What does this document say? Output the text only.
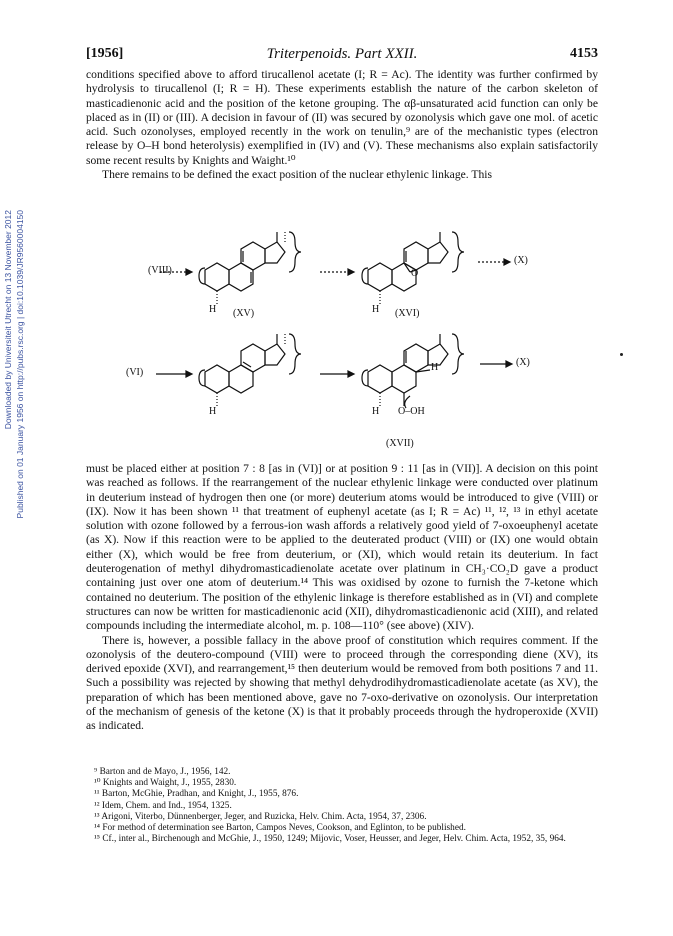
[1956]	Triterpenoids. Part XXII.	4153
Downloaded by Universiteit Utrecht on 13 November 2012 Published on 01 January 1956 on http://pubs.rsc.org | doi:10.1039/JR9560004150

conditions specified above to afford tirucallenol acetate (I; R = Ac). The identity was further confirmed by hydrolysis to tirucallenol (I; R = H). These experiments establish the nature of the carbon skeleton of masticadienonic acid and the position of the ketone grouping. The αβ-unsaturated acid function can only be placed as in (II) or (III). A decision in favour of (II) was secured by ozonolysis which gave one mol. of acetic acid. Such ozonolyses, employed recently in the work on tenulin,⁹ are of the mechanistic types (electron release by O–H bond heterolysis) exemplified in (IV) and (V). These mechanisms also explain satisfactorily some recent results by Knights and Waight.¹⁰

There remains to be defined the exact position of the nuclear ethylenic linkage. This

(VIII)
(X)
(XV)	(XVI)
H	H
O
(VI)
(X)
H	H
H
O–OH
(XVII)

must be placed either at position 7 : 8 [as in (VI)] or at position 9 : 11 [as in (VII)]. A decision on this point was reached as follows. If the rearrangement of the nuclear ethylenic linkage were conducted over platinum in deuterium instead of hydrogen then one (or more) deuterium atoms would be introduced to give (VIII) or (IX). Now it has been shown ¹¹ that treatment of euphenyl acetate (as I; R = Ac) ¹¹, ¹², ¹³ in ethyl acetate solution with ozone followed by a ferrous-ion wash affords a relatively good yield of 7-oxoeuphenyl acetate (as X). Now if this reaction were to be applied to the deuterated product (VIII) or (IX) one would obtain either (X), which would be free from deuterium, or (XI), which would retain its deuterium. In fact deuterogenation of methyl dihydromasticadienolate acetate over platinum in CH₃·CO₂D gave a product containing just over one atom of deuterium.¹⁴ This was oxidised by ozone to furnish the 7-ketone which contained no deuterium. The position of the ethylenic linkage is therefore established as in (VI) and complete structures can now be written for masticadienonic acid (XII), dihydromasticadienonic acid (XIII), and related compounds including the intermediate alcohol, m. p. 108—110° (see above) (XIV).

There is, however, a possible fallacy in the above proof of constitution which requires comment. If the ozonolysis of the deutero-compound (VIII) were to proceed through the corresponding diene (XV), its derived epoxide (XVI), and rearrangement,¹⁵ then deuterium would be removed from both positions 7 and 11. Such a possibility was rejected by showing that methyl dehydrodihydromasticadienolate acetate (as XV), the preparation of which has been mentioned above, gave no 7-oxo-derivative on ozonolysis. Our interpretation of the mechanism of genesis of the ketone (X) is that it probably proceeds through the hydroperoxide (XVII) as indicated.

⁹ Barton and de Mayo, J., 1956, 142.
¹⁰ Knights and Waight, J., 1955, 2830.
¹¹ Barton, McGhie, Pradhan, and Knight, J., 1955, 876.
¹² Idem, Chem. and Ind., 1954, 1325.
¹³ Arigoni, Viterbo, Dünnenberger, Jeger, and Ruzicka, Helv. Chim. Acta, 1954, 37, 2306.
¹⁴ For method of determination see Barton, Campos Neves, Cookson, and Eglinton, to be published.
¹⁵ Cf., inter al., Birchenough and McGhie, J., 1950, 1249; Mijovic, Voser, Heusser, and Jeger, Helv. Chim. Acta, 1952, 35, 964.
